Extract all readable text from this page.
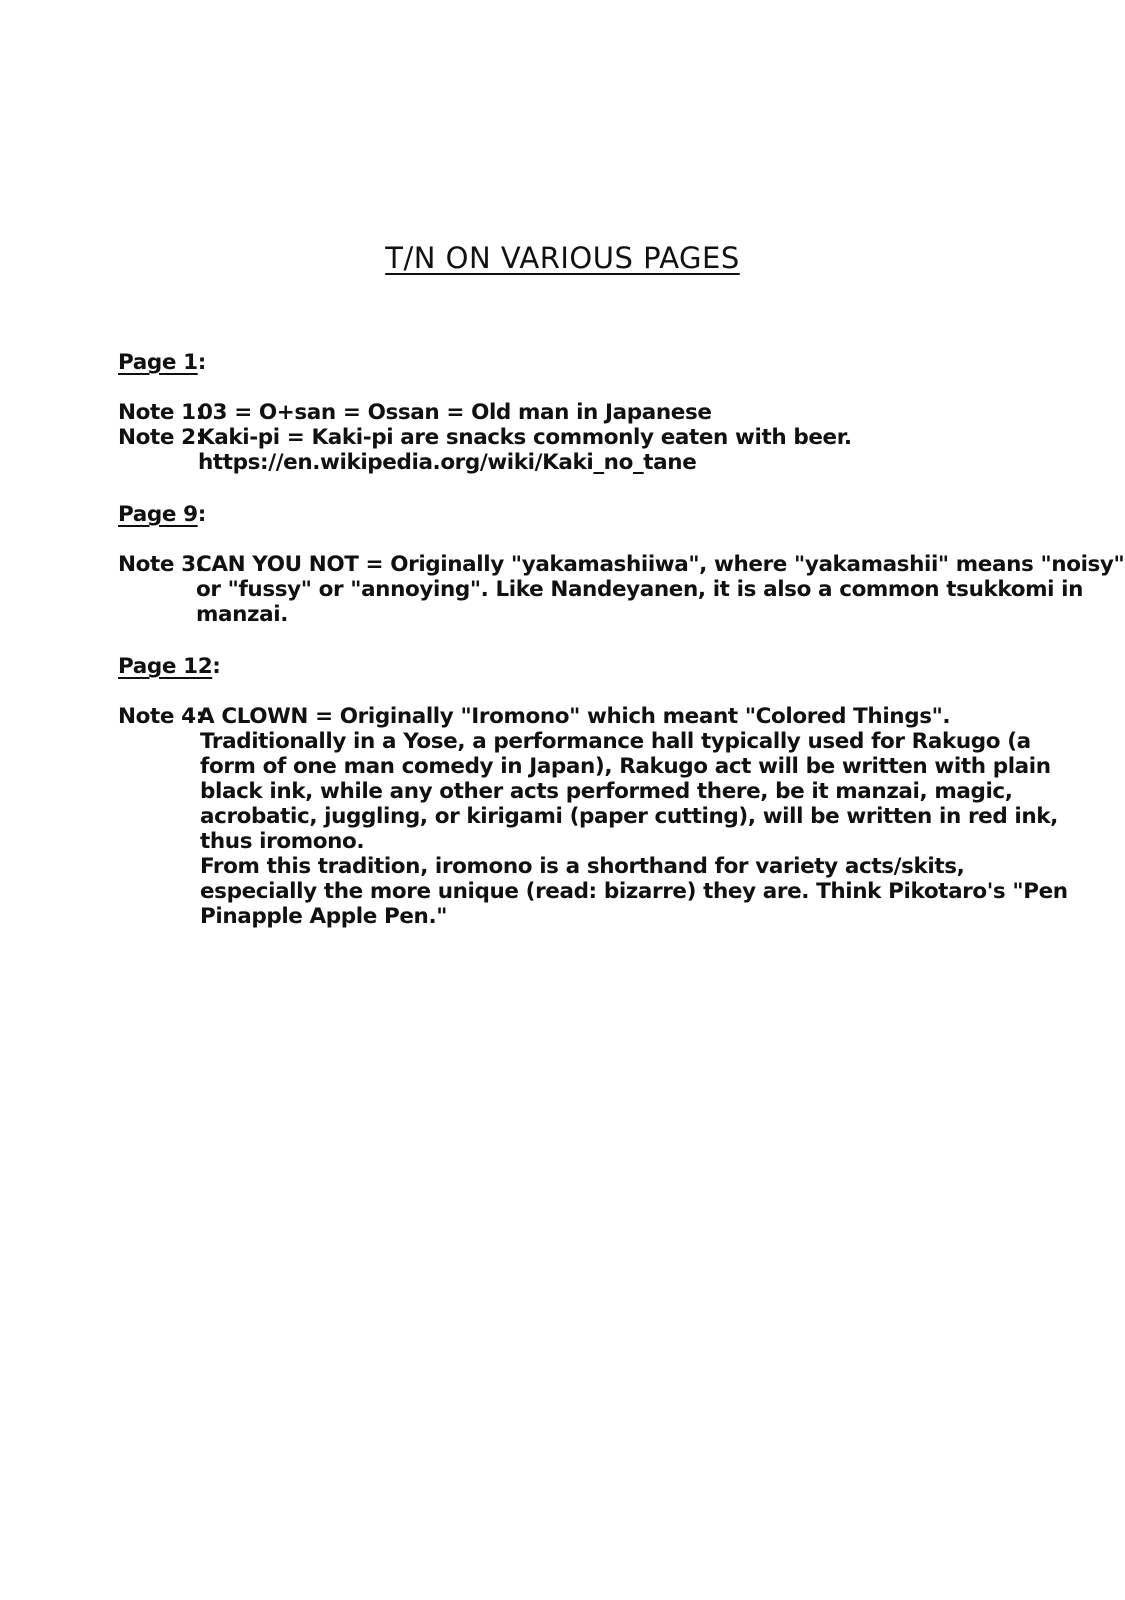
T/N ON VARIOUS PAGES

Page 1:

Note 1:
03 = O+san = Ossan = Old man in Japanese
Note 2:
Kaki-pi = Kaki-pi are snacks commonly eaten with beer.
https://en.wikipedia.org/wiki/Kaki_no_tane

Page 9:

Note 3:
CAN YOU NOT = Originally "yakamashiiwa", where "yakamashii" means "noisy"
or "fussy" or "annoying". Like Nandeyanen, it is also a common tsukkomi in
manzai.

Page 12:

Note 4:
A CLOWN = Originally "Iromono" which meant "Colored Things".
Traditionally in a Yose, a performance hall typically used for Rakugo (a
form of one man comedy in Japan), Rakugo act will be written with plain
black ink, while any other acts performed there, be it manzai, magic,
acrobatic, juggling, or kirigami (paper cutting), will be written in red ink,
thus iromono.
From this tradition, iromono is a shorthand for variety acts/skits,
especially the more unique (read: bizarre) they are. Think Pikotaro's "Pen
Pinapple Apple Pen."
